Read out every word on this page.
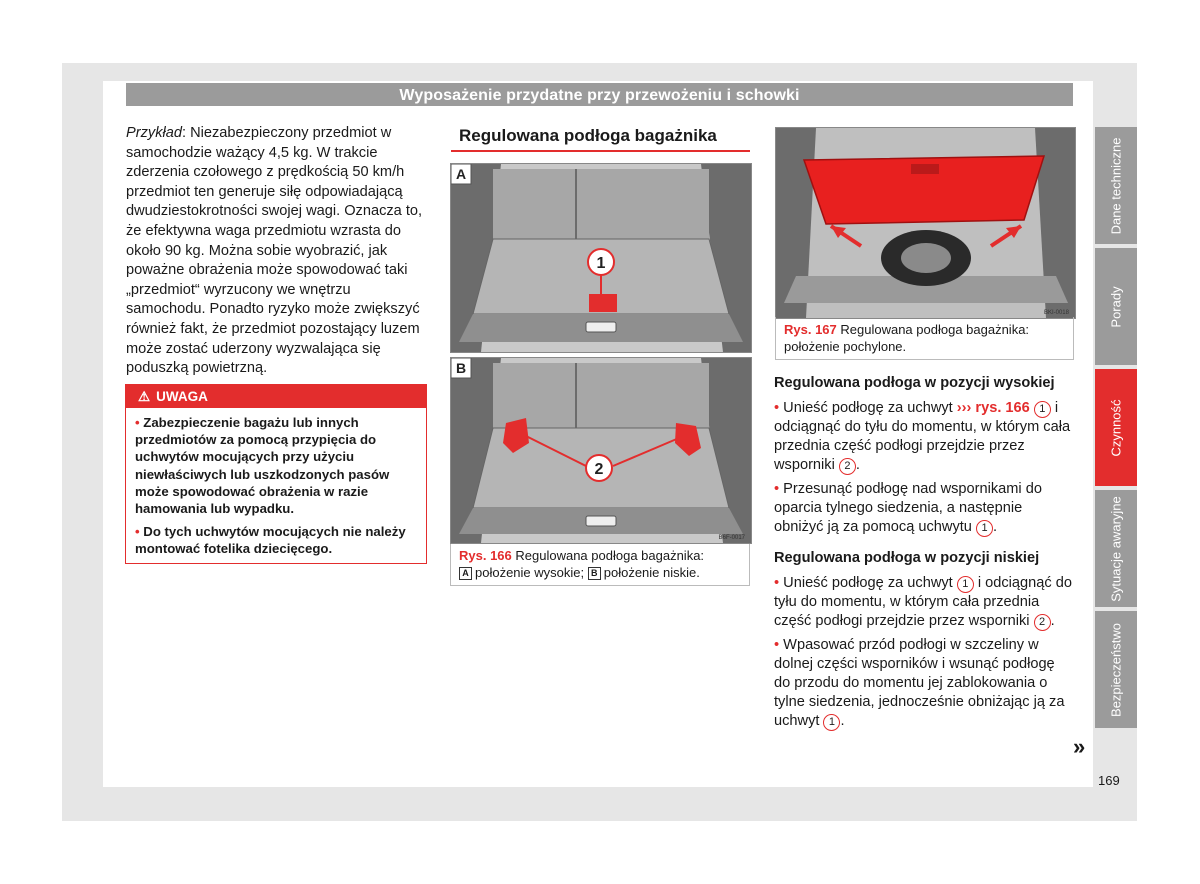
Wyposażenie przydatne przy przewożeniu i schowki

Przykład: Niezabezpieczony przedmiot w samochodzie ważący 4,5 kg. W trakcie zderzenia czołowego z prędkością 50 km/h przedmiot ten generuje siłę odpowiadającą dwudziestokrotności swojej wagi. Oznacza to, że efektywna waga przedmiotu wzrasta do około 90 kg. Można sobie wyobrazić, jak poważne obrażenia może spowodować taki „przedmiot“ wyrzucony we wnętrzu samochodu. Ponadto ryzyko może zwiększyć również fakt, że przedmiot pozostający luzem może zostać uderzony wyzwalająca się poduszką powietrzną.

⚠ UWAGA

• Zabezpieczenie bagażu lub innych przedmiotów za pomocą przypięcia do uchwytów mocujących przy użyciu niewłaściwych lub uszkodzonych pasów może spowodować obrażenia w razie hamowania lub wypadku.

• Do tych uchwytów mocujących nie należy montować fotelika dziecięcego.

Regulowana podłoga bagażnika
1
A
2
B6F-0017
B
Rys. 166 Regulowana podłoga bagażnika:
A położenie wysokie; B położenie niskie.
BKI-0018
Rys. 167 Regulowana podłoga bagażnika: położenie pochylone.
Regulowana podłoga w pozycji wysokiej

• Unieść podłogę za uchwyt ››› rys. 166 1 i odciągnąć do tyłu do momentu, w którym cała przednia część podłogi przejdzie przez wsporniki 2 .

• Przesunąć podłogę nad wspornikami do oparcia tylnego siedzenia, a następnie obniżyć ją za pomocą uchwytu 1 .

Regulowana podłoga w pozycji niskiej

• Unieść podłogę za uchwyt 1 i odciągnąć do tyłu do momentu, w którym cała przednia część podłogi przejdzie przez wsporniki 2 .

• Wpasować przód podłogi w szczeliny w dolnej części wsporników i wsunąć podłogę do przodu do momentu jej zablokowania o tylne siedzenia, jednocześnie obniżając ją za uchwyt 1 .

»
Dane techniczne
Porady
Czynność
Sytuacje awaryjne
Bezpieczeństwo
169
